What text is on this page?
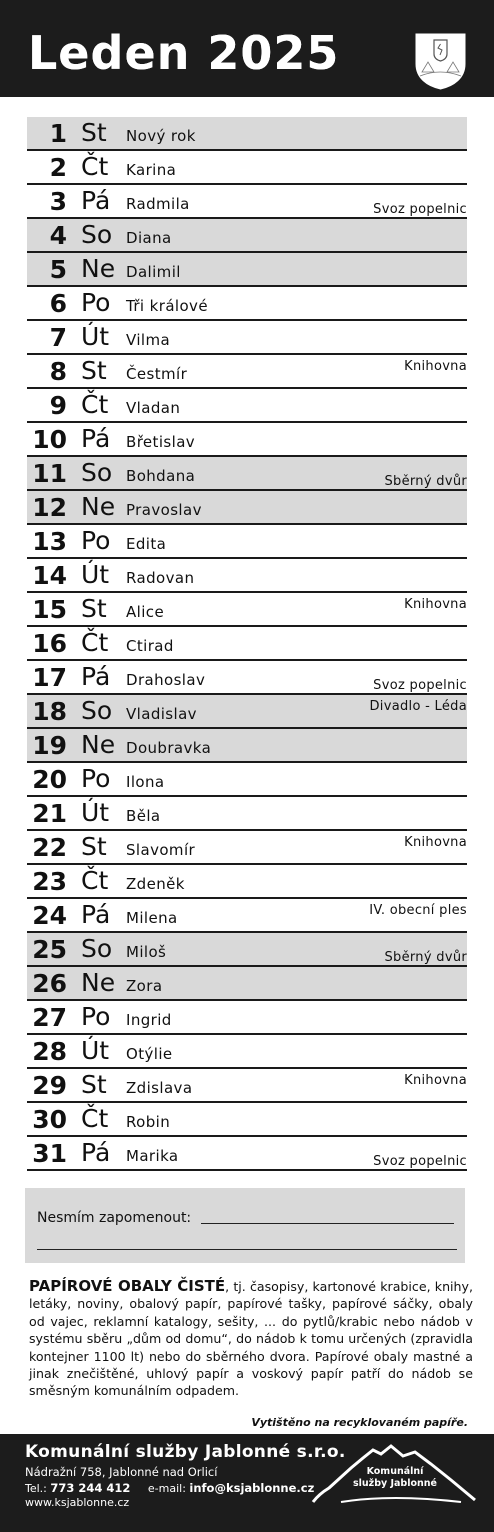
Leden 2025
1 St Nový rok
2 Čt Karina
3 Pá Radmila	Svoz popelnic
4 So Diana
5 Ne Dalimil
6 Po Tři králové
7 Út Vilma
8 St Čestmír	Knihovna
9 Čt Vladan
10 Pá Břetislav
11 So Bohdana	Sběrný dvůr
12 Ne Pravoslav
13 Po Edita
14 Út Radovan
15 St Alice	Knihovna
16 Čt Ctirad
17 Pá Drahoslav	Svoz popelnic
18 So Vladislav	Divadlo - Léda
19 Ne Doubravka
20 Po Ilona
21 Út Běla
22 St Slavomír	Knihovna
23 Čt Zdeněk
24 Pá Milena	IV. obecní ples
25 So Miloš	Sběrný dvůr
26 Ne Zora
27 Po Ingrid
28 Út Otýlie
29 St Zdislava	Knihovna
30 Čt Robin
31 Pá Marika	Svoz popelnic
Nesmím zapomenout:
PAPÍROVÉ OBALY ČISTÉ, tj. časopisy, kartonové krabice, knihy, letáky, noviny, obalový papír, papírové tašky, papírové sáčky, obaly od vajec, reklamní katalogy, sešity, ... do pytlů/krabic nebo nádob v systému sběru „dům od domu“, do nádob k tomu určených (zpravidla kontejner 1100 lt) nebo do sběrného dvora. Papírové obaly mastné a jinak znečištěné, uhlový papír a voskový papír patří do nádob se směsným komunálním odpadem.
Vytištěno na recyklovaném papíře.
Komunální služby Jablonné s.r.o.
Nádražní 758, Jablonné nad Orlicí
Tel.: 773 244 412 e-mail: info@ksjablonne.cz
www.ksjablonne.cz
Komunální
služby Jablonné
